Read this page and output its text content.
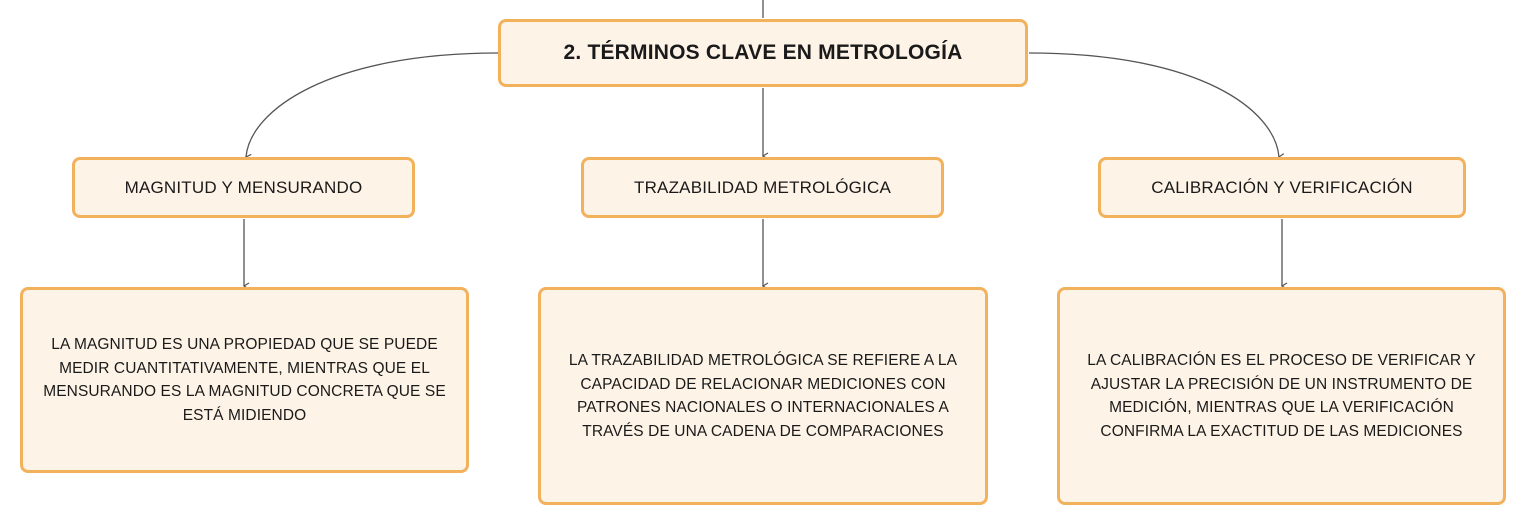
2. TÉRMINOS CLAVE EN METROLOGÍA
MAGNITUD Y MENSURANDO	TRAZABILIDAD METROLÓGICA	CALIBRACIÓN Y VERIFICACIÓN
LA MAGNITUD ES UNA PROPIEDAD QUE SE PUEDE MEDIR CUANTITATIVAMENTE, MIENTRAS QUE EL MENSURANDO ES LA MAGNITUD CONCRETA QUE SE ESTÁ MIDIENDO
LA TRAZABILIDAD METROLÓGICA SE REFIERE A LA CAPACIDAD DE RELACIONAR MEDICIONES CON PATRONES NACIONALES O INTERNACIONALES A TRAVÉS DE UNA CADENA DE COMPARACIONES
LA CALIBRACIÓN ES EL PROCESO DE VERIFICAR Y AJUSTAR LA PRECISIÓN DE UN INSTRUMENTO DE MEDICIÓN, MIENTRAS QUE LA VERIFICACIÓN CONFIRMA LA EXACTITUD DE LAS MEDICIONES
